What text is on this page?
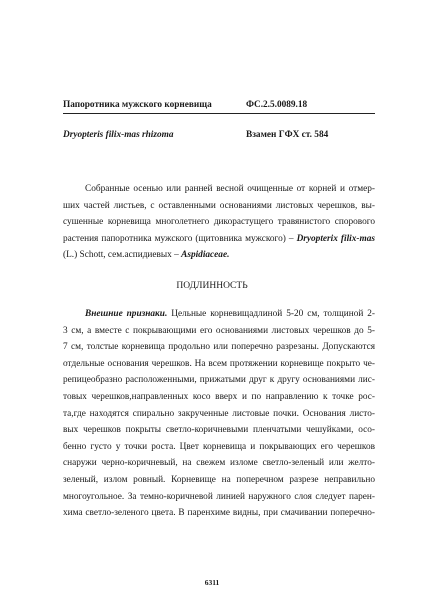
Папоротника мужского корневища	ФС.2.5.0089.18
Dryopteris filix-mas rhizoma	Взамен ГФХ ст. 584
Собранные осенью или ранней весной очищенные от корней и отмер-
ших частей листьев, с оставленными основаниями листовых черешков, вы-
сушенные корневища многолетнего дикорастущего травянистого спорового
растения папоротника мужского (щитовника мужского) – Dryopterix filix-mas
(L.) Schott, сем.аспидиевых – Aspidiaceae.
ПОДЛИННОСТЬ
Внешние признаки. Цельные корневищадлиной 5-20 см, толщиной 2-
3 см, а вместе с покрывающими его основаниями листовых черешков до 5-
7 см, толстые корневища продольно или поперечно разрезаны. Допускаются
отдельные основания черешков. На всем протяжении корневище покрыто че-
репицеобразно расположенными, прижатыми друг к другу основаниями лис-
товых черешков,направленных косо вверх и по направлению к точке рос-
та,где находятся спирально закрученные листовые почки. Основания листо-
вых черешков покрыты светло-коричневыми пленчатыми чешуйками, осо-
бенно густо у точки роста. Цвет корневища и покрывающих его черешков
снаружи черно-коричневый, на свежем изломе светло-зеленый или желто-
зеленый, излом ровный. Корневище на поперечном разрезе неправильно
многоугольное. За темно-коричневой линией наружного слоя следует парен-
хима светло-зеленого цвета. В паренхиме видны, при смачивании поперечно-
6311
